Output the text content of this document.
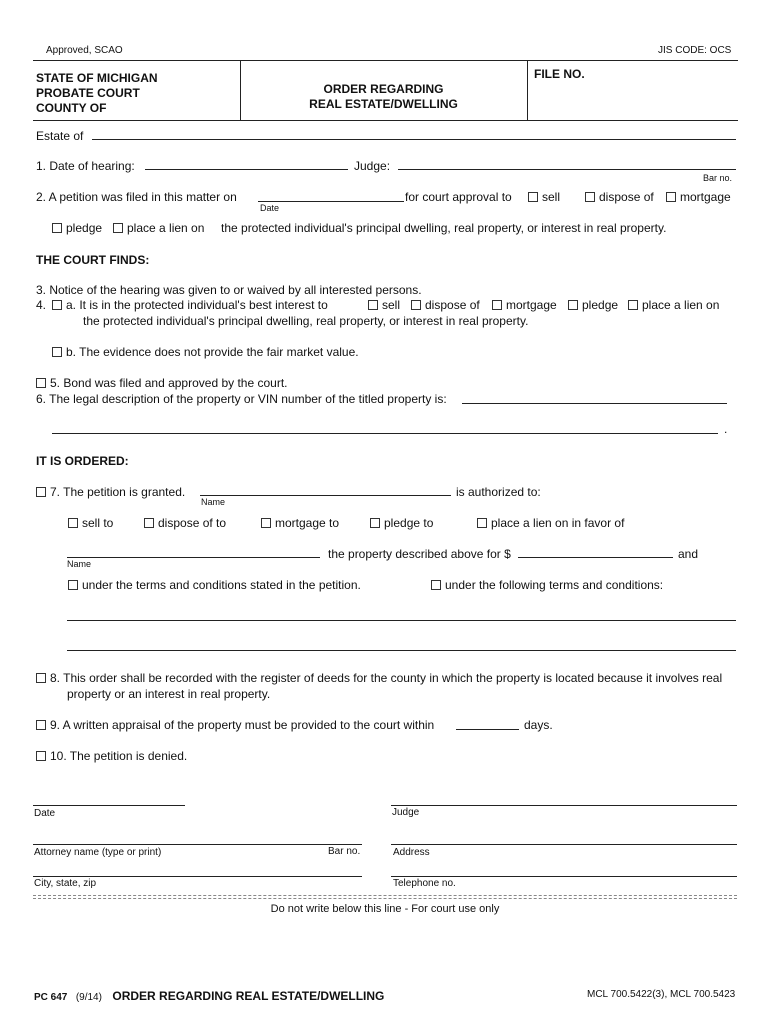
Approved, SCAO	JIS CODE: OCS
STATE OF MICHIGAN
PROBATE COURT
COUNTY OF
ORDER REGARDING
REAL ESTATE/DWELLING
FILE NO.
Estate of
1. Date of hearing:	Judge:
Bar no.
2. A petition was filed in this matter on
Date
for court approval to	sell	dispose of	mortgage
pledge	place a lien on the protected individual's principal dwelling, real property, or interest in real property.
THE COURT FINDS:
3. Notice of the hearing was given to or waived by all interested persons.
4.	a. It is in the protected individual's best interest to	sell	dispose of	mortgage	pledge	place a lien on
the protected individual's principal dwelling, real property, or interest in real property.
b. The evidence does not provide the fair market value.
5. Bond was filed and approved by the court.
6. The legal description of the property or VIN number of the titled property is:
.
IT IS ORDERED:
7. The petition is granted.
Name
is authorized to:
sell to	dispose of to	mortgage to	pledge to	place a lien on in favor of
Name
the property described above for $	and
under the terms and conditions stated in the petition.	under the following terms and conditions:
8. This order shall be recorded with the register of deeds for the county in which the property is located because it involves real
property or an interest in real property.
9. A written appraisal of the property must be provided to the court within	days.
10. The petition is denied.
Date	Judge
Attorney name (type or print)	Bar no.	Address
City, state, zip	Telephone no.
Do not write below this line - For court use only
PC 647 (9/14) ORDER REGARDING REAL ESTATE/DWELLING	MCL 700.5422(3), MCL 700.5423
